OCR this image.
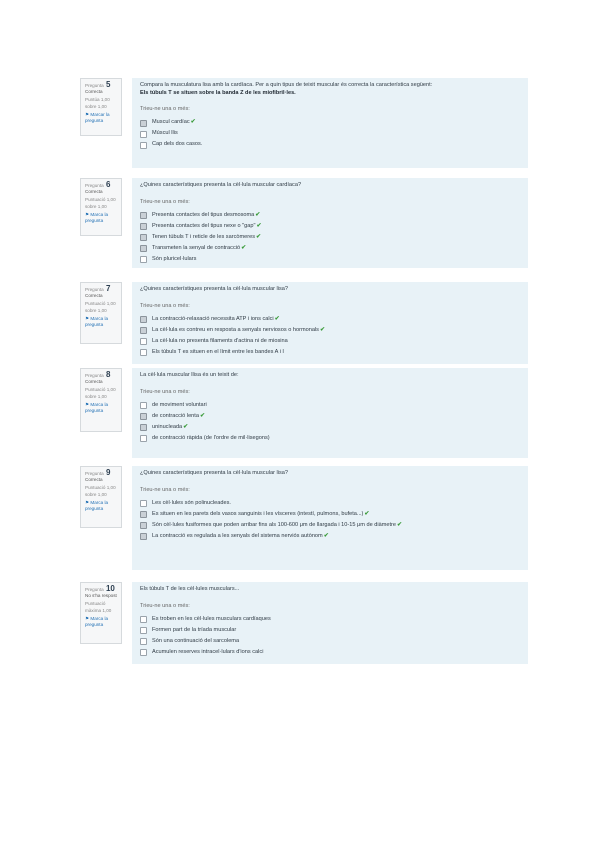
Pregunta 5
Correcta
Puntúa 1,00 sobre 1,00
⚑ Marcar la pregunta
Compara la musculatura lisa amb la cardíaca. Per a quin tipus de teixit muscular és correcta la característica següent:
Els túbuls T se situen sobre la banda Z de les miofibril·les.
Trieu-ne una o més:
Muscul cardíac ✔
Múscul llis
Cap dels dos casos.
Pregunta 6
Correcta
Puntuació 1,00 sobre 1,00
⚑ Marca la pregunta
¿Quines característiques presenta la cèl·lula muscular cardíaca?
Trieu-ne una o més:
Presenta contactes del tipus desmosoma ✔
Presenta contactes del tipus nexe o "gap" ✔
Tenen túbuls T i reticle de les sarcòmeres ✔
Transmeten la senyal de contracció ✔
Són pluricel·lulars
Pregunta 7
Correcta
Puntuació 1,00 sobre 1,00
⚑ Marca la pregunta
¿Quines característiques presenta la cèl·lula muscular lisa?
Trieu-ne una o més:
La contracció-relaxació necessita ATP i ions calci ✔
La cèl·lula es contreu en resposta a senyals nerviosos o hormonals ✔
La cèl·lula no presenta filaments d'actina ni de miosina
Els túbuls T es situen en el límit entre les bandes A i I
Pregunta 8
Correcta
Puntuació 1,00 sobre 1,00
⚑ Marca la pregunta
La cèl·lula muscular llisa és un teixit de:
Trieu-ne una o més:
de moviment voluntari
de contracció lenta ✔
uninucleada ✔
de contracció ràpida (de l'ordre de mil·lisegons)
Pregunta 9
Correcta
Puntuació 1,00 sobre 1,00
⚑ Marca la pregunta
¿Quines característiques presenta la cèl·lula muscular lisa?
Trieu-ne una o més:
Les cèl·lules són polinucleades.
Es situen en les parets dels vasos sanguinis i les vísceres (intestí, pulmons, bufeta...) ✔
Són cèl·lules fusiformes que poden arribar fins als 100-600 μm de llargada i 10-15 μm de diàmetre ✔
La contracció es regulada a les senyals del sistema nerviós autònom ✔
Pregunta 10
No s'ha respost
Puntuació màxima 1,00
⚑ Marca la pregunta
Els túbuls T de les cèl·lules musculars...
Trieu-ne una o més:
Es troben en les cèl·lules musculars cardíaques
Formen part de la tríada muscular
Són una continuació del sarcolema
Acumulen reserves intracel·lulars d'ions calci
